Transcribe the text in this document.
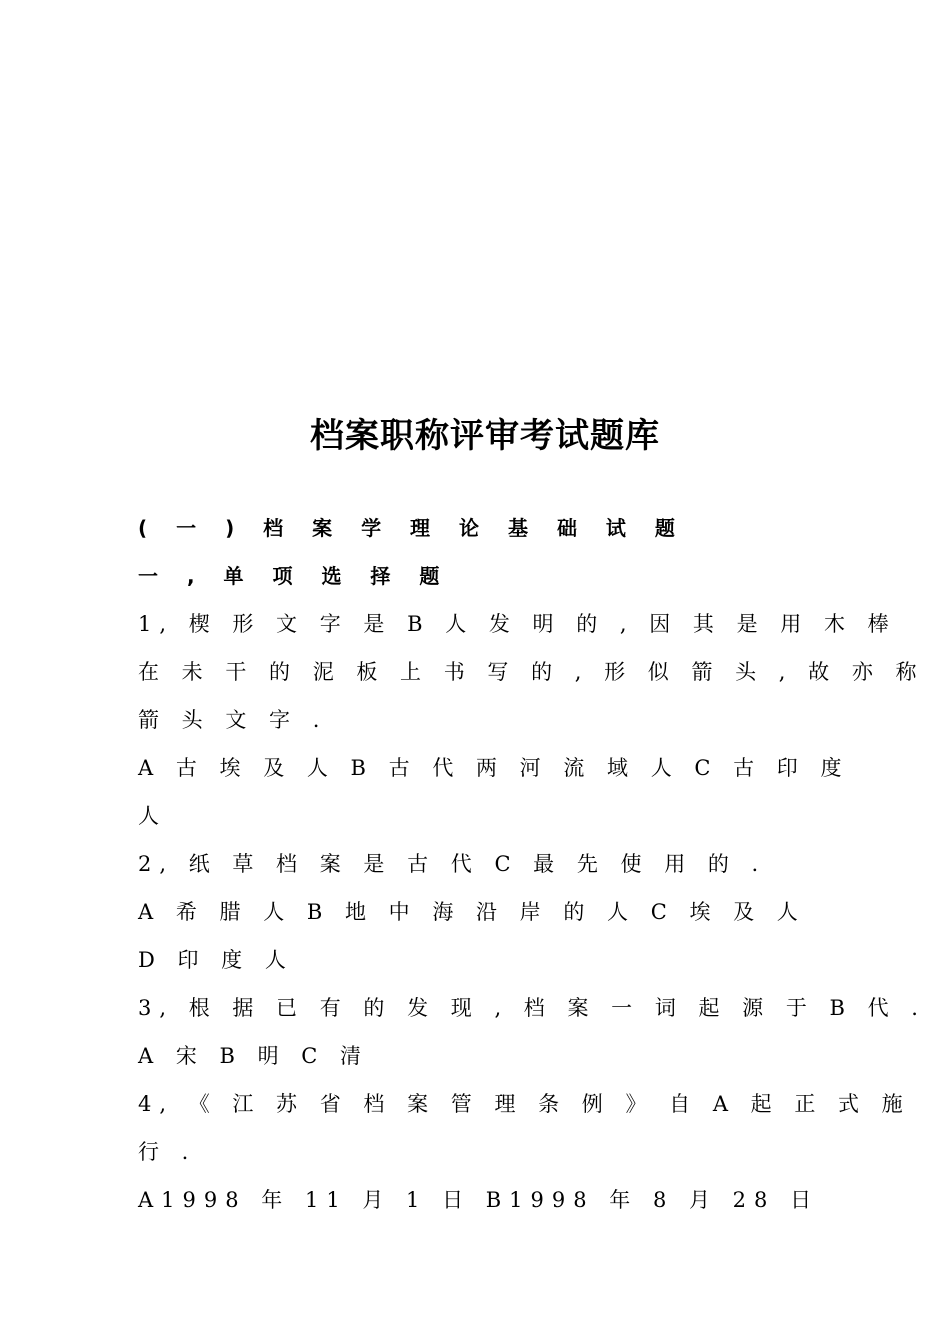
档案职称评审考试题库
( 一 ) 档 案 学 理 论 基 础 试 题
一 , 单 项 选 择 题
1, 楔 形 文 字 是 B 人 发 明 的 , 因 其 是 用 木 棒
在 未 干 的 泥 板 上 书 写 的 , 形 似 箭 头 , 故 亦 称
箭 头 文 字 .
A 古 埃 及 人 B 古 代 两 河 流 域 人 C 古 印 度
人
2, 纸 草 档 案 是 古 代 C 最 先 使 用 的 .
A 希 腊 人 B 地 中 海 沿 岸 的 人 C 埃 及 人
D 印 度 人
3, 根 据 已 有 的 发 现 , 档 案 一 词 起 源 于 B 代 .
A 宋 B 明 C 清
4, 《 江 苏 省 档 案 管 理 条 例 》 自 A 起 正 式 施
行 .
A1998 年 11 月 1 日 B1998 年 8 月 28 日
